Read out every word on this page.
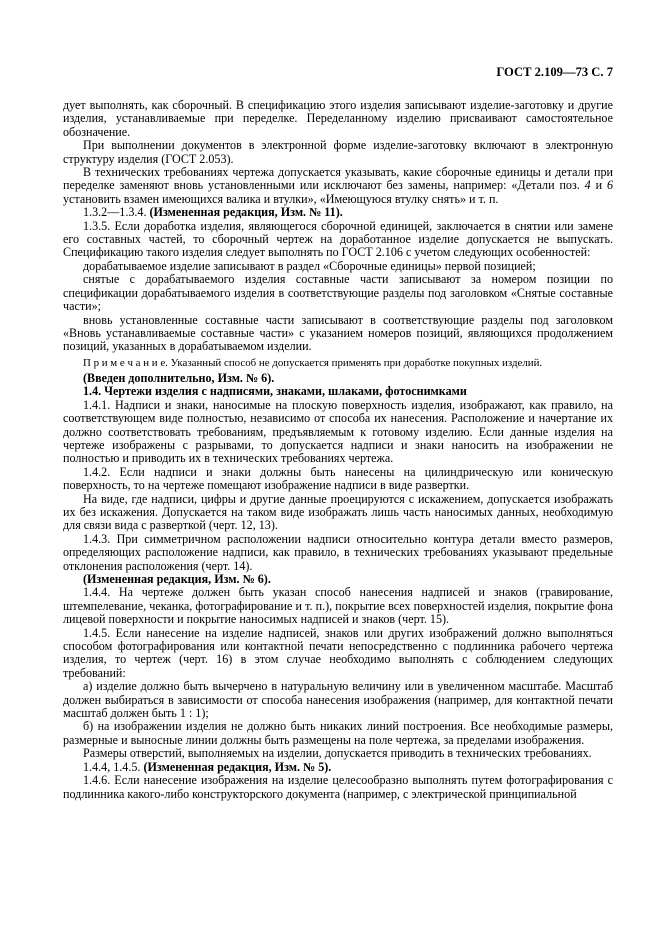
ГОСТ 2.109—73 С. 7

дует выполнять, как сборочный. В спецификацию этого изделия записывают изделие-заготовку и другие изделия, устанавливаемые при переделке. Переделанному изделию присваивают самостоятельное обозначение.

При выполнении документов в электронной форме изделие-заготовку включают в электронную структуру изделия (ГОСТ 2.053).

В технических требованиях чертежа допускается указывать, какие сборочные единицы и детали при переделке заменяют вновь установленными или исключают без замены, например: «Детали поз. 4 и 6 установить взамен имеющихся валика и втулки», «Имеющуюся втулку снять» и т. п.

1.3.2—1.3.4. (Измененная редакция, Изм. № 11).

1.3.5. Если доработка изделия, являющегося сборочной единицей, заключается в снятии или замене его составных частей, то сборочный чертеж на доработанное изделие допускается не выпускать. Спецификацию такого изделия следует выполнять по ГОСТ 2.106 с учетом следующих особенностей:

дорабатываемое изделие записывают в раздел «Сборочные единицы» первой позицией;

снятые с дорабатываемого изделия составные части записывают за номером позиции по спецификации дорабатываемого изделия в соответствующие разделы под заголовком «Снятые составные части»;

вновь установленные составные части записывают в соответствующие разделы под заголовком «Вновь устанавливаемые составные части» с указанием номеров позиций, являющихся продолжением позиций, указанных в дорабатываемом изделии.

П р и м е ч а н и е. Указанный способ не допускается применять при доработке покупных изделий.

(Введен дополнительно, Изм. № 6).

1.4. Чертежи изделия с надписями, знаками, шлаками, фотоснимками

1.4.1. Надписи и знаки, наносимые на плоскую поверхность изделия, изображают, как правило, на соответствующем виде полностью, независимо от способа их нанесения. Расположение и начертание их должно соответствовать требованиям, предъявляемым к готовому изделию. Если данные изделия на чертеже изображены с разрывами, то допускается надписи и знаки наносить на изображении не полностью и приводить их в технических требованиях чертежа.

1.4.2. Если надписи и знаки должны быть нанесены на цилиндрическую или коническую поверхность, то на чертеже помещают изображение надписи в виде развертки.

На виде, где надписи, цифры и другие данные проецируются с искажением, допускается изображать их без искажения. Допускается на таком виде изображать лишь часть наносимых данных, необходимую для связи вида с разверткой (черт. 12, 13).

1.4.3. При симметричном расположении надписи относительно контура детали вместо размеров, определяющих расположение надписи, как правило, в технических требованиях указывают предельные отклонения расположения (черт. 14).

(Измененная редакция, Изм. № 6).

1.4.4. На чертеже должен быть указан способ нанесения надписей и знаков (гравирование, штемпелевание, чеканка, фотографирование и т. п.), покрытие всех поверхностей изделия, покрытие фона лицевой поверхности и покрытие наносимых надписей и знаков (черт. 15).

1.4.5. Если нанесение на изделие надписей, знаков или других изображений должно выполняться способом фотографирования или контактной печати непосредственно с подлинника рабочего чертежа изделия, то чертеж (черт. 16) в этом случае необходимо выполнять с соблюдением следующих требований:

а) изделие должно быть вычерчено в натуральную величину или в увеличенном масштабе. Масштаб должен выбираться в зависимости от способа нанесения изображения (например, для контактной печати масштаб должен быть 1 : 1);

б) на изображении изделия не должно быть никаких линий построения. Все необходимые размеры, размерные и выносные линии должны быть размещены на поле чертежа, за пределами изображения.

Размеры отверстий, выполняемых на изделии, допускается приводить в технических требованиях.

1.4.4, 1.4.5. (Измененная редакция, Изм. № 5).

1.4.6. Если нанесение изображения на изделие целесообразно выполнять путем фотографирования с подлинника какого-либо конструкторского документа (например, с электрической принципиальной
